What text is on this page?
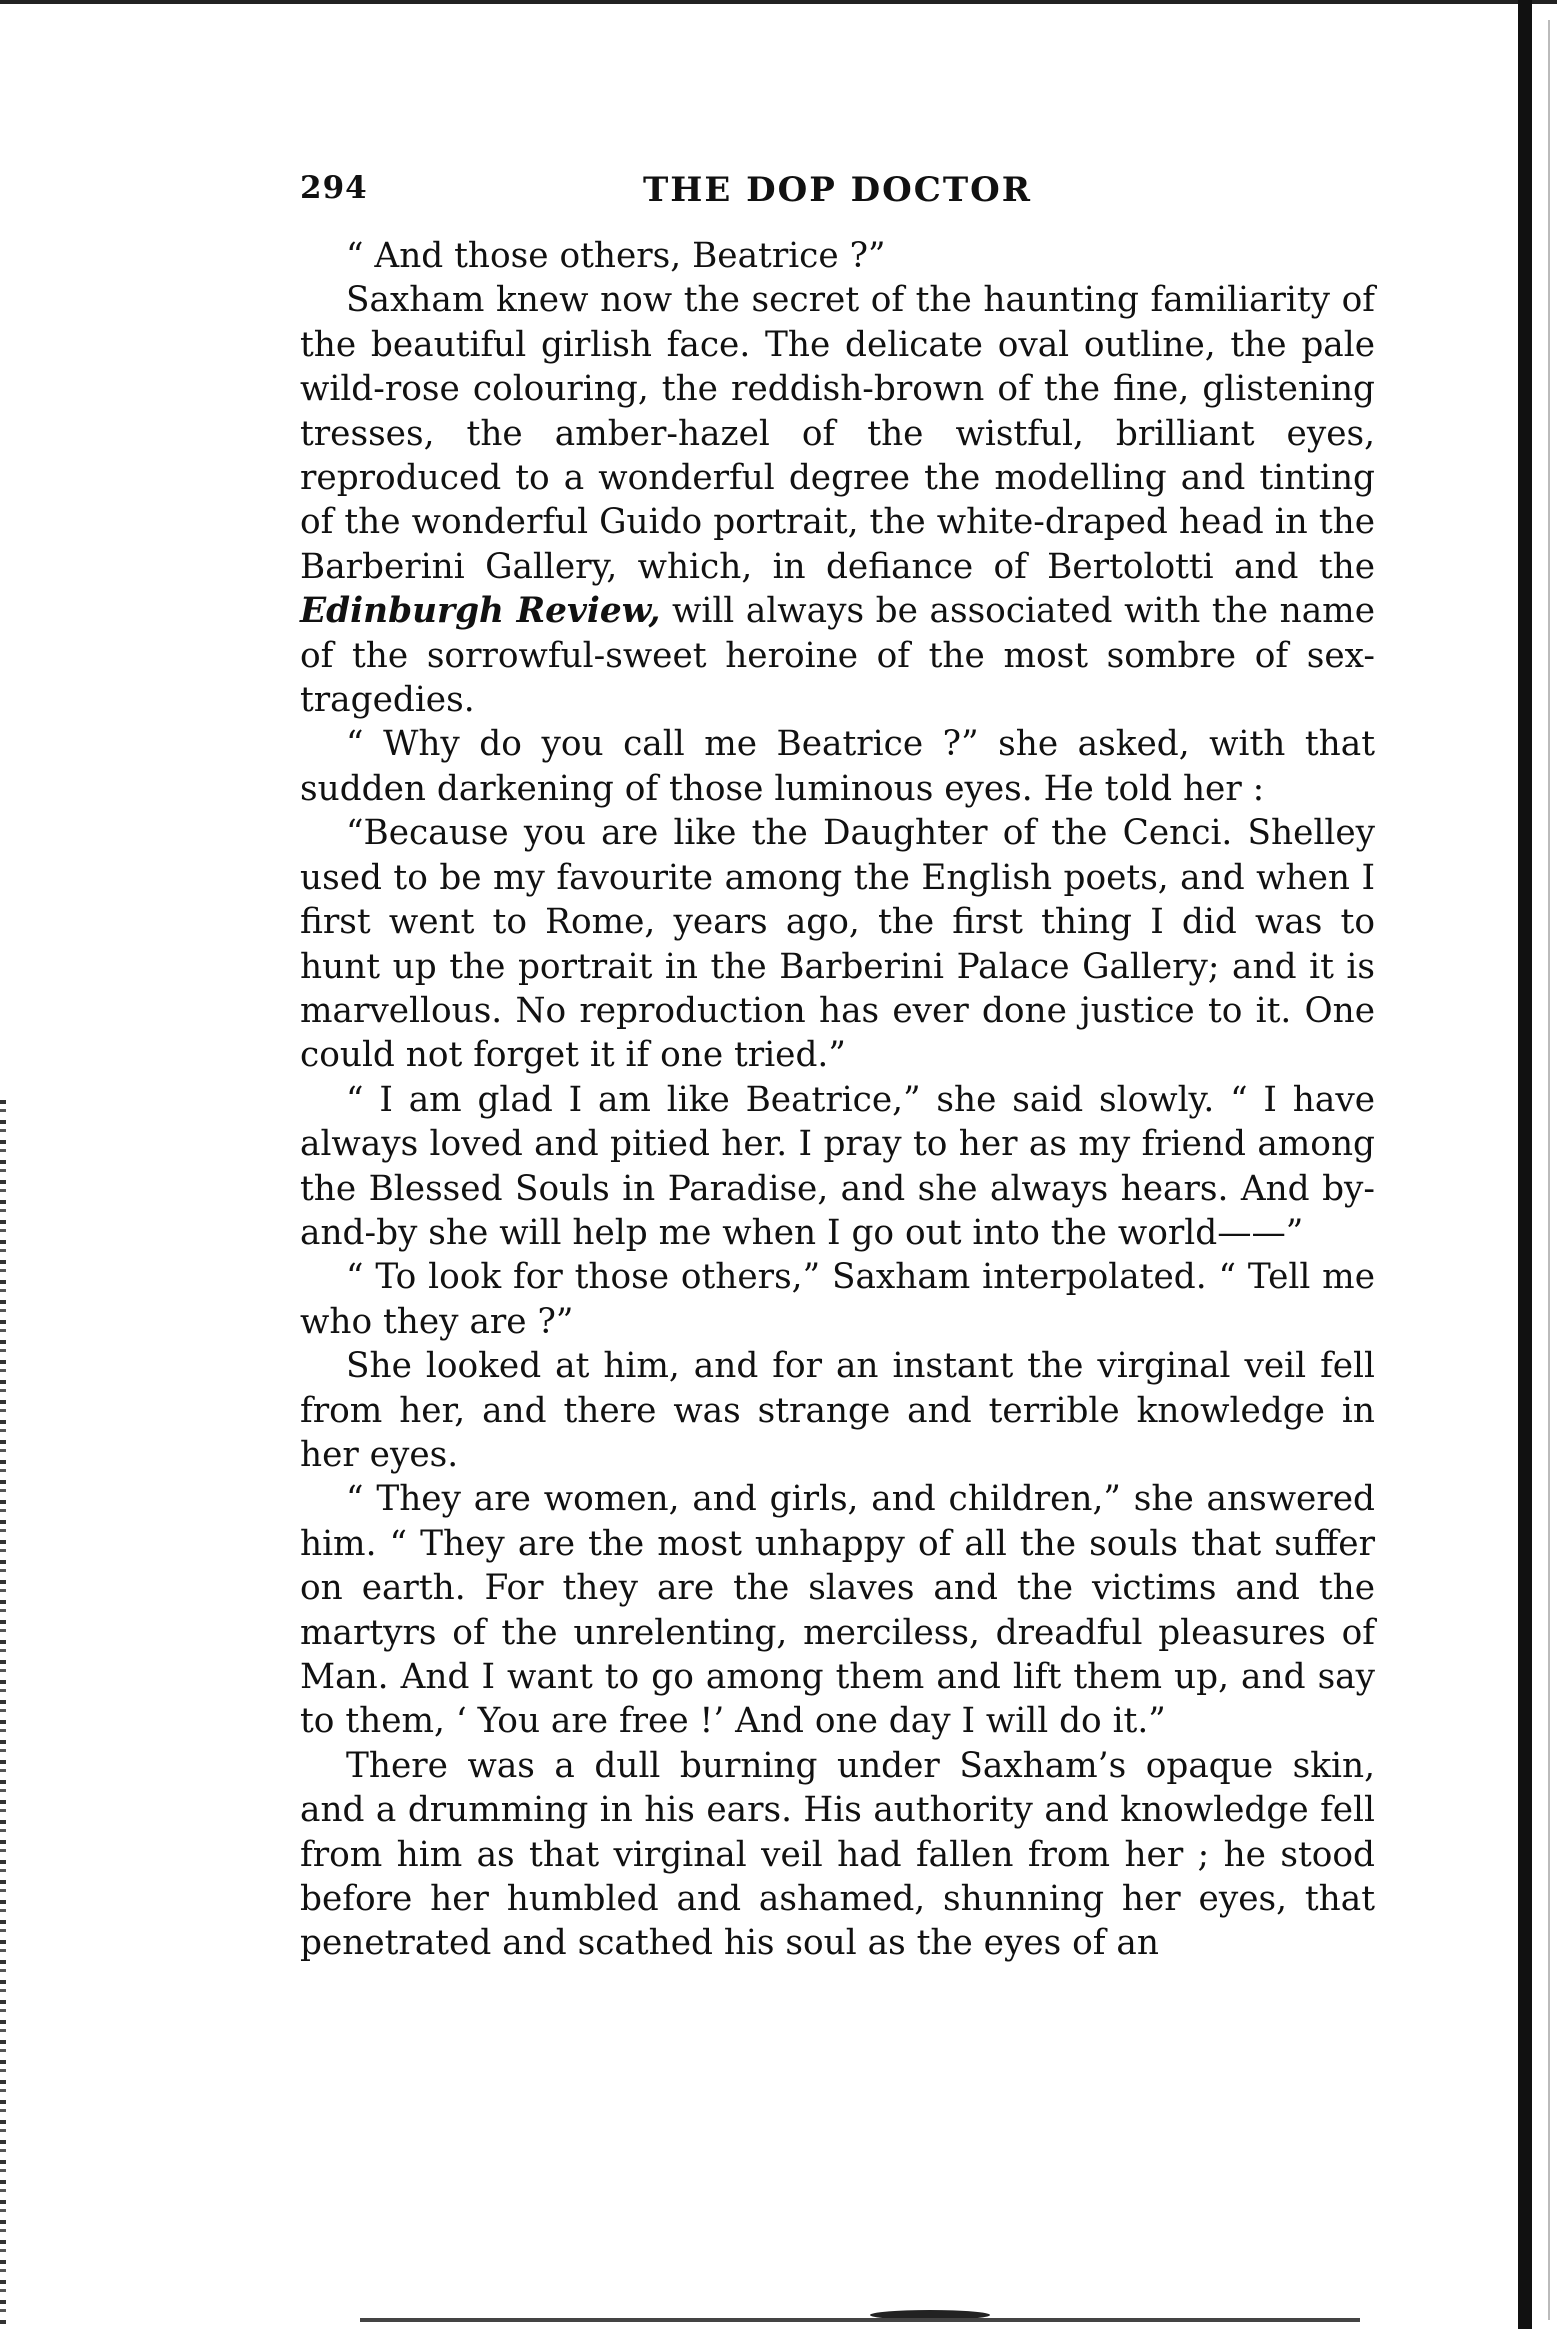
294	THE DOP DOCTOR

“ And those others, Beatrice ?”

Saxham knew now the secret of the haunting familiarity of the beautiful girlish face. The delicate oval outline, the pale wild-rose colouring, the reddish-brown of the fine, glistening tresses, the amber-hazel of the wistful, brilliant eyes, reproduced to a wonderful degree the modelling and tinting of the wonderful Guido portrait, the white-draped head in the Barberini Gallery, which, in defiance of Bertolotti and the Edinburgh Review, will always be associated with the name of the sorrowful-sweet heroine of the most sombre of sex-tragedies.

“ Why do you call me Beatrice ?” she asked, with that sudden darkening of those luminous eyes. He told her :

“Because you are like the Daughter of the Cenci. Shelley used to be my favourite among the English poets, and when I first went to Rome, years ago, the first thing I did was to hunt up the portrait in the Barberini Palace Gallery; and it is marvellous. No reproduction has ever done justice to it. One could not forget it if one tried.”

“ I am glad I am like Beatrice,” she said slowly. “ I have always loved and pitied her. I pray to her as my friend among the Blessed Souls in Paradise, and she always hears. And by-and-by she will help me when I go out into the world——”

“ To look for those others,” Saxham interpolated. “ Tell me who they are ?”

She looked at him, and for an instant the virginal veil fell from her, and there was strange and terrible knowledge in her eyes.

“ They are women, and girls, and children,” she answered him. “ They are the most unhappy of all the souls that suffer on earth. For they are the slaves and the victims and the martyrs of the unrelenting, merciless, dreadful pleasures of Man. And I want to go among them and lift them up, and say to them, ‘ You are free !’ And one day I will do it.”

There was a dull burning under Saxham’s opaque skin, and a drumming in his ears. His authority and knowledge fell from him as that virginal veil had fallen from her ; he stood before her humbled and ashamed, shunning her eyes, that penetrated and scathed his soul as the eyes of an
